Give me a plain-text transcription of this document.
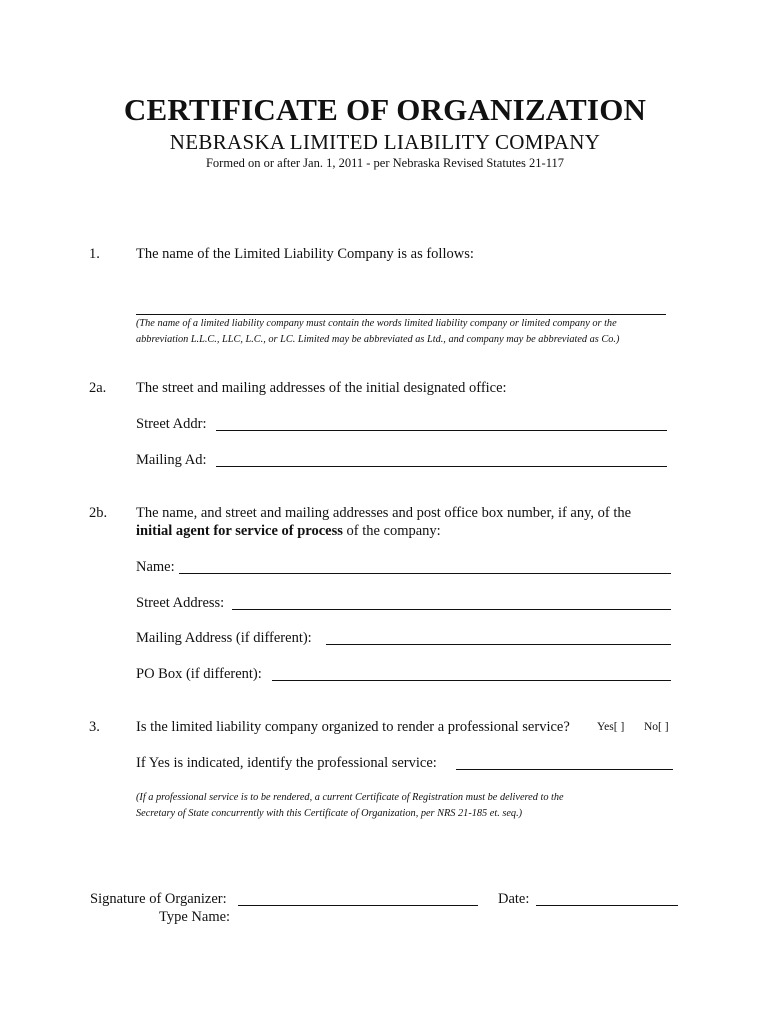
CERTIFICATE OF ORGANIZATION
NEBRASKA LIMITED LIABILITY COMPANY
Formed on or after Jan. 1, 2011 - per Nebraska Revised Statutes 21-117
1. The name of the Limited Liability Company is as follows:
(The name of a limited liability company must contain the words limited liability company or limited company or the
abbreviation L.L.C., LLC, L.C., or LC. Limited may be abbreviated as Ltd., and company may be abbreviated as Co.)
2a. The street and mailing addresses of the initial designated office:
Street Addr:
Mailing Ad:
2b. The name, and street and mailing addresses and post office box number, if any, of the
initial agent for service of process of the company:
Name:
Street Address:
Mailing Address (if different):
PO Box (if different):
3. Is the limited liability company organized to render a professional service? Yes[ ] No[ ]
If Yes is indicated, identify the professional service:
(If a professional service is to be rendered, a current Certificate of Registration must be delivered to the
Secretary of State concurrently with this Certificate of Organization, per NRS 21-185 et. seq.)
Signature of Organizer:	Date:
Type Name:
